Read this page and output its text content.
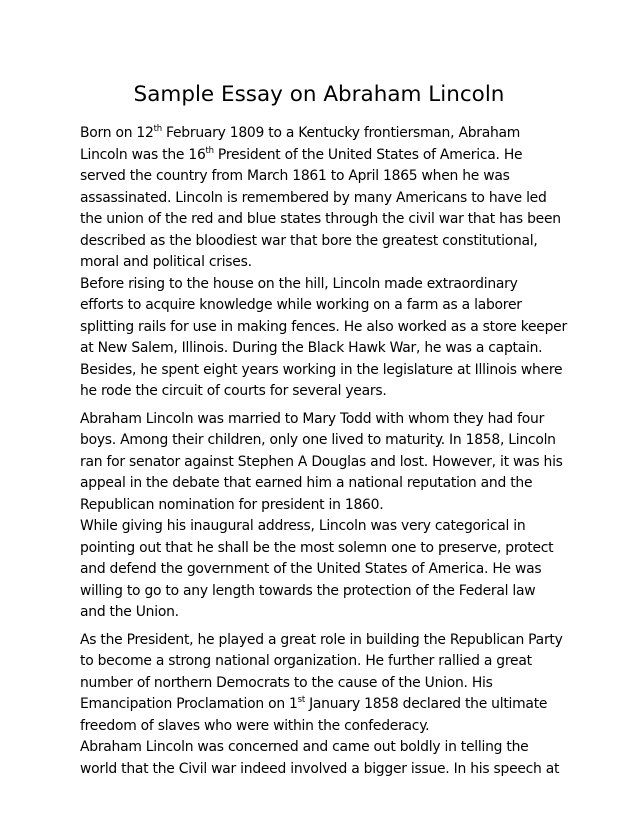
Sample Essay on Abraham Lincoln

Born on 12th February 1809 to a Kentucky frontiersman, Abraham
Lincoln was the 16th President of the United States of America. He
served the country from March 1861 to April 1865 when he was
assassinated. Lincoln is remembered by many Americans to have led
the union of the red and blue states through the civil war that has been
described as the bloodiest war that bore the greatest constitutional,
moral and political crises.

Before rising to the house on the hill, Lincoln made extraordinary
efforts to acquire knowledge while working on a farm as a laborer
splitting rails for use in making fences. He also worked as a store keeper
at New Salem, Illinois. During the Black Hawk War, he was a captain.
Besides, he spent eight years working in the legislature at Illinois where
he rode the circuit of courts for several years.

Abraham Lincoln was married to Mary Todd with whom they had four
boys. Among their children, only one lived to maturity. In 1858, Lincoln
ran for senator against Stephen A Douglas and lost. However, it was his
appeal in the debate that earned him a national reputation and the
Republican nomination for president in 1860.

While giving his inaugural address, Lincoln was very categorical in
pointing out that he shall be the most solemn one to preserve, protect
and defend the government of the United States of America. He was
willing to go to any length towards the protection of the Federal law
and the Union.

As the President, he played a great role in building the Republican Party
to become a strong national organization. He further rallied a great
number of northern Democrats to the cause of the Union. His
Emancipation Proclamation on 1st January 1858 declared the ultimate
freedom of slaves who were within the confederacy.

Abraham Lincoln was concerned and came out boldly in telling the
world that the Civil war indeed involved a bigger issue. In his speech at
